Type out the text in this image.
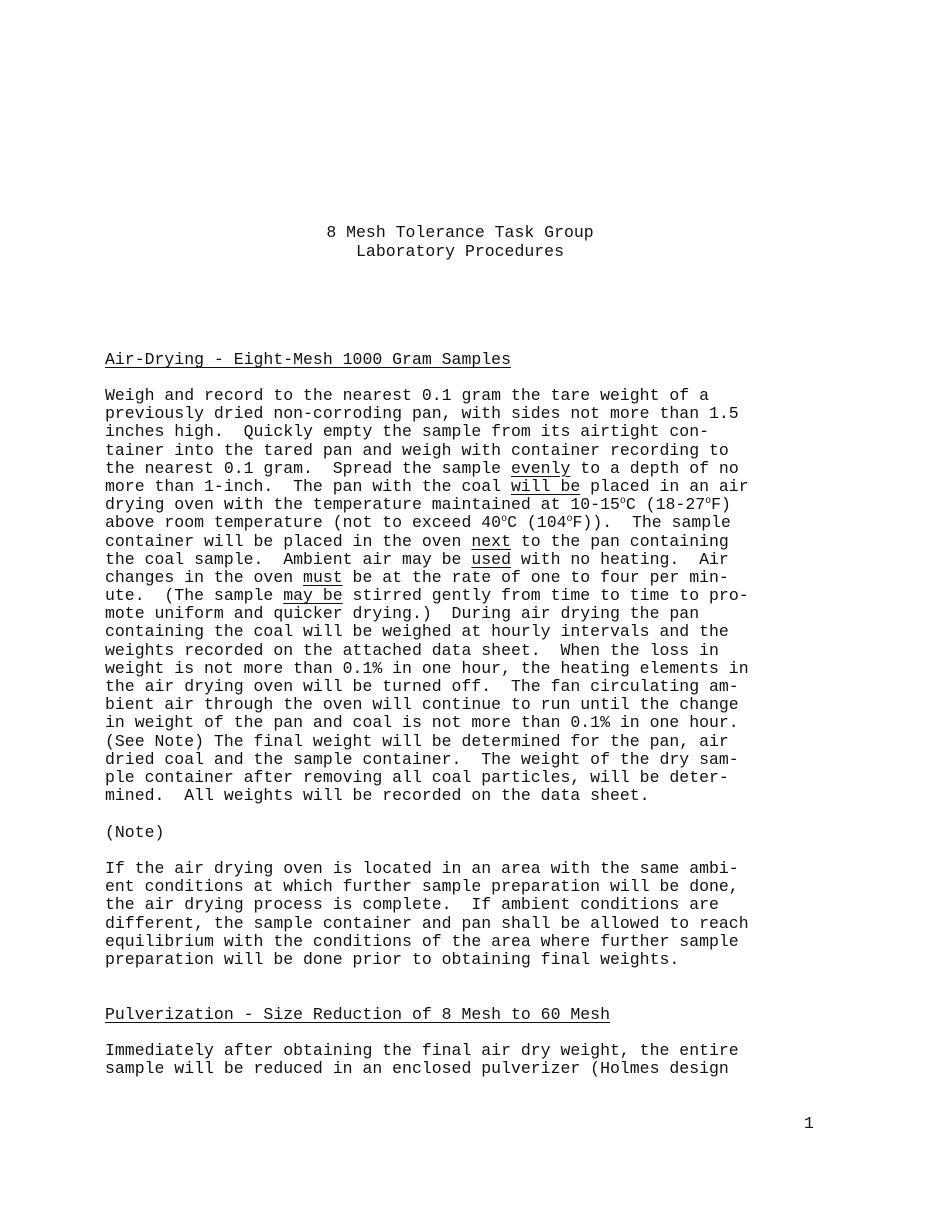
8 Mesh Tolerance Task Group
Laboratory Procedures
Air-Drying - Eight-Mesh 1000 Gram Samples
Weigh and record to the nearest 0.1 gram the tare weight of a
previously dried non-corroding pan, with sides not more than 1.5
inches high.  Quickly empty the sample from its airtight con-
tainer into the tared pan and weigh with container recording to
the nearest 0.1 gram.  Spread the sample evenly to a depth of no
more than 1-inch.  The pan with the coal will be placed in an air
drying oven with the temperature maintained at 10-15$^o$C (18-27$^o$F)
above room temperature (not to exceed 40$^o$C (104$^o$F)).  The sample
container will be placed in the oven next to the pan containing
the coal sample.  Ambient air may be used with no heating.  Air
changes in the oven must be at the rate of one to four per min-
ute.  (The sample may be stirred gently from time to time to pro-
mote uniform and quicker drying.)  During air drying the pan
containing the coal will be weighed at hourly intervals and the
weights recorded on the attached data sheet.  When the loss in
weight is not more than 0.1% in one hour, the heating elements in
the air drying oven will be turned off.  The fan circulating am-
bient air through the oven will continue to run until the change
in weight of the pan and coal is not more than 0.1% in one hour.
(See Note) The final weight will be determined for the pan, air
dried coal and the sample container.  The weight of the dry sam-
ple container after removing all coal particles, will be deter-
mined.  All weights will be recorded on the data sheet.
(Note)
If the air drying oven is located in an area with the same ambi-
ent conditions at which further sample preparation will be done,
the air drying process is complete.  If ambient conditions are
different, the sample container and pan shall be allowed to reach
equilibrium with the conditions of the area where further sample
preparation will be done prior to obtaining final weights.
Pulverization - Size Reduction of 8 Mesh to 60 Mesh
Immediately after obtaining the final air dry weight, the entire
sample will be reduced in an enclosed pulverizer (Holmes design
1
